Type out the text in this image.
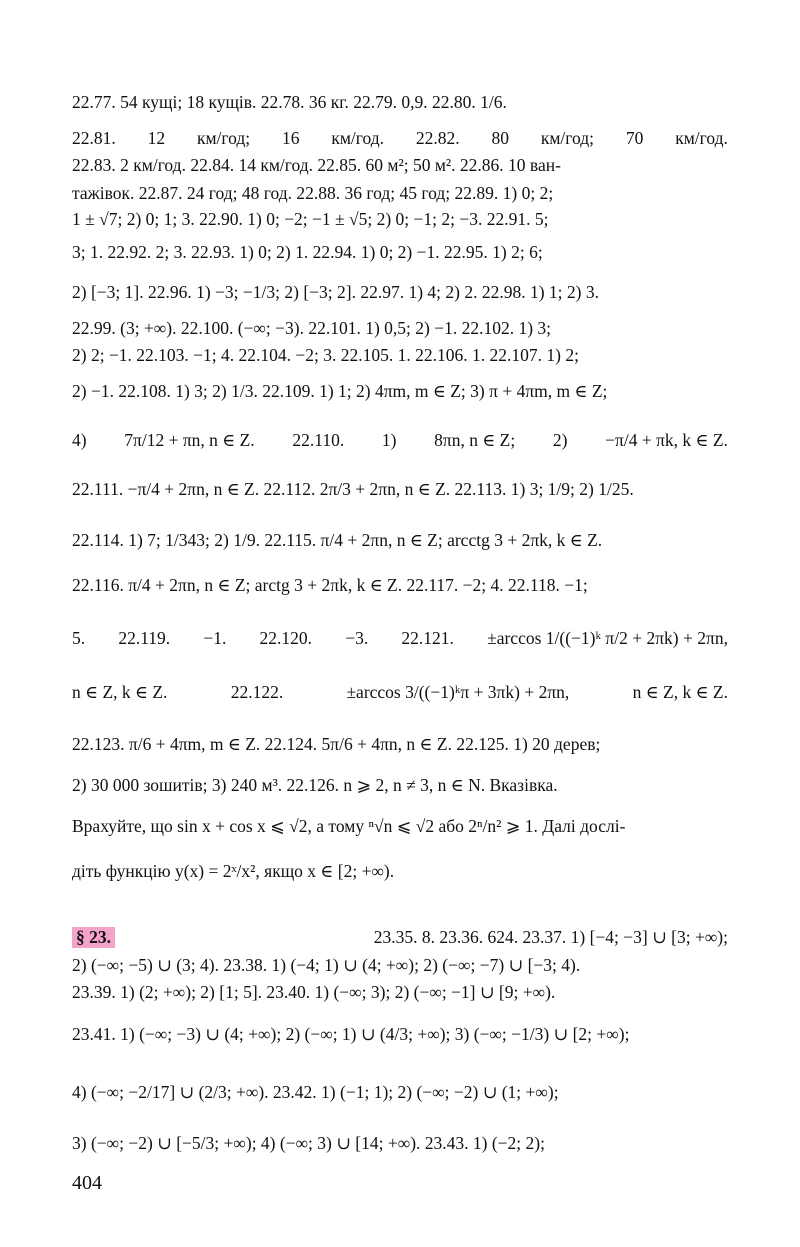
22.77. 54 кущі; 18 кущів. 22.78. 36 кг. 22.79. 0,9. 22.80. 1/6.
22.81. 12 км/год; 16 км/год. 22.82. 80 км/год; 70 км/год.
22.83. 2 км/год. 22.84. 14 км/год. 22.85. 60 м²; 50 м². 22.86. 10 ван-
тажівок. 22.87. 24 год; 48 год. 22.88. 36 год; 45 год; 22.89. 1) 0; 2;
1 ± √7; 2) 0; 1; 3. 22.90. 1) 0; −2; −1 ± √5; 2) 0; −1; 2; −3. 22.91. 5;
3; 1. 22.92. 2; 3. 22.93. 1) 0; 2) 1. 22.94. 1) 0; 2) −1. 22.95. 1) 2; 6;
2) [−3; 1]. 22.96. 1) −3; −1/3; 2) [−3; 2]. 22.97. 1) 4; 2) 2. 22.98. 1) 1; 2) 3.
22.99. (3; +∞). 22.100. (−∞; −3). 22.101. 1) 0,5; 2) −1. 22.102. 1) 3;
2) 2; −1. 22.103. −1; 4. 22.104. −2; 3. 22.105. 1. 22.106. 1. 22.107. 1) 2;
2) −1. 22.108. 1) 3; 2) 1/3. 22.109. 1) 1; 2) 4πm, m ∈ Z; 3) π + 4πm, m ∈ Z;
4) 7π/12 + πn, n ∈ Z. 22.110. 1) 8πn, n ∈ Z; 2) −π/4 + πk, k ∈ Z.
22.111. −π/4 + 2πn, n ∈ Z. 22.112. 2π/3 + 2πn, n ∈ Z. 22.113. 1) 3; 1/9; 2) 1/25.
22.114. 1) 7; 1/343; 2) 1/9. 22.115. π/4 + 2πn, n ∈ Z; arcctg 3 + 2πk, k ∈ Z.
22.116. π/4 + 2πn, n ∈ Z; arctg 3 + 2πk, k ∈ Z. 22.117. −2; 4. 22.118. −1;
5. 22.119. −1. 22.120. −3. 22.121. ±arccos 1/((−1)ᵏ π/2 + 2πk) + 2πn,
n ∈ Z, k ∈ Z.	22.122.	±arccos 3/((−1)ᵏπ + 3πk) + 2πn,	n ∈ Z, k ∈ Z.
22.123. π/6 + 4πm, m ∈ Z. 22.124. 5π/6 + 4πn, n ∈ Z. 22.125. 1) 20 дерев;
2) 30 000 зошитів; 3) 240 м³. 22.126. n ⩾ 2, n ≠ 3, n ∈ N. Вказівка.
Врахуйте, що sin x + cos x ⩽ √2, а тому ⁿ√n ⩽ √2 або 2ⁿ/n² ⩾ 1. Далі дослі-
діть функцію y(x) = 2ˣ/x², якщо x ∈ [2; +∞).
§ 23.	23.35. 8. 23.36. 624. 23.37. 1) [−4; −3] ∪ [3; +∞);
2) (−∞; −5) ∪ (3; 4). 23.38. 1) (−4; 1) ∪ (4; +∞); 2) (−∞; −7) ∪ [−3; 4).
23.39. 1) (2; +∞); 2) [1; 5]. 23.40. 1) (−∞; 3); 2) (−∞; −1] ∪ [9; +∞).
23.41. 1) (−∞; −3) ∪ (4; +∞); 2) (−∞; 1) ∪ (4/3; +∞); 3) (−∞; −1/3) ∪ [2; +∞);
4) (−∞; −2/17] ∪ (2/3; +∞). 23.42. 1) (−1; 1); 2) (−∞; −2) ∪ (1; +∞);
3) (−∞; −2) ∪ [−5/3; +∞); 4) (−∞; 3) ∪ [14; +∞). 23.43. 1) (−2; 2);
404
